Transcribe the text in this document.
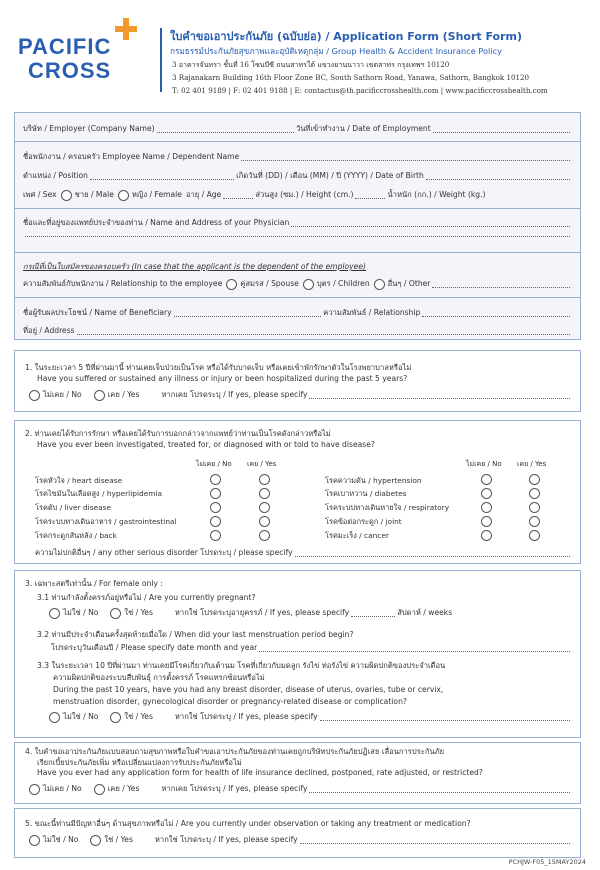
PACIFIC
CROSS
ใบคำขอเอาประกันภัย (ฉบับย่อ) / Application Form (Short Form)
กรมธรรม์ประกันภัยสุขภาพและอุบัติเหตุกลุ่ม / Group Health & Accident Insurance Policy
3 อาคารจันทรา ชั้นที่ 16 โซนบีซี ถนนสาทรใต้ แขวงยานนาวา เขตสาทร กรุงเทพฯ 10120
3 Rajanakarn Building 16th Floor Zone BC, South Sathorn Road, Yanawa, Sathorn, Bangkok 10120
T: 02 401 9189 | F: 02 401 9188 | E: contactus@th.pacificcrosshealth.com | www.pacificcrosshealth.com
บริษัท / Employer (Company Name)	วันที่เข้าทำงาน / Date of Employment
ชื่อพนักงาน / ครอบครัว Employee Name / Dependent Name
ตำแหน่ง / Position	เกิดวันที่ (DD) / เดือน (MM) / ปี (YYYY) / Date of Birth
เพศ / Sex ชาย / Male หญิง / Female อายุ / Age	ส่วนสูง (ซม.) / Height (cm.)	น้ำหนัก (กก.) / Weight (kg.)
ชื่อและที่อยู่ของแพทย์ประจำของท่าน / Name and Address of your Physician
กรณีที่เป็นใบสมัครของครอบครัว (In case that the applicant is the dependent of the employee)
ความสัมพันธ์กับพนักงาน / Relationship to the employee คู่สมรส / Spouse บุตร / Children อื่นๆ / Other
ชื่อผู้รับผลประโยชน์ / Name of Beneficiary	ความสัมพันธ์ / Relationship
ที่อยู่ / Address
1. ในระยะเวลา 5 ปีที่ผ่านมานี้ ท่านเคยเจ็บป่วยเป็นโรค หรือได้รับบาดเจ็บ หรือเคยเข้าพักรักษาตัวในโรงพยาบาลหรือไม่
Have you suffered or sustained any illness or injury or been hospitalized during the past 5 years?
ไม่เคย / No	เคย / Yes	หากเคย โปรดระบุ / If yes, please specify
2. ท่านเคยได้รับการรักษา หรือเคยได้รับการบอกกล่าวจากแพทย์ว่าท่านเป็นโรคดังกล่าวหรือไม่
Have you ever been investigated, treated for, or diagnosed with or told to have disease?
ไม่เคย / No เคย / Yes	ไม่เคย / No เคย / Yes
โรคหัวใจ / heart disease
โรคไขมันในเลือดสูง / hyperlipidemia
โรคตับ / liver disease
โรคระบบทางเดินอาหาร / gastrointestinal
โรคกระดูกสันหลัง / back
โรคความดัน / hypertension
โรคเบาหวาน / diabetes
โรคระบบทางเดินหายใจ / respiratory
โรคข้อต่อกระดูก / joint
โรคมะเร็ง / cancer
ความไม่ปกติอื่นๆ / any other serious disorder โปรดระบุ / please specify
3. เฉพาะสตรีเท่านั้น / For female only :
3.1 ท่านกำลังตั้งครรภ์อยู่หรือไม่ / Are you currently pregnant?
ไม่ใช่ / No	ใช่ / Yes	หากใช่ โปรดระบุอายุครรภ์ / If yes, please specify	สัปดาห์ / weeks
3.2 ท่านมีประจำเดือนครั้งสุดท้ายเมื่อใด / When did your last menstruation period begin?
โปรดระบุวันเดือนปี / Please specify date month and year
3.3 ในระยะเวลา 10 ปีที่ผ่านมา ท่านเคยมีโรคเกี่ยวกับเต้านม โรคที่เกี่ยวกับมดลูก รังไข่ ท่อรังไข่ ความผิดปกติของประจำเดือน
ความผิดปกติของระบบสืบพันธุ์ การตั้งครรภ์ โรคแทรกซ้อนหรือไม่
During the past 10 years, have you had any breast disorder, disease of uterus, ovaries, tube or cervix,
menstruation disorder, gynecological disorder or pregnancy-related disease or complication?
ไม่ใช่ / No	ใช่ / Yes	หากใช่ โปรดระบุ / If yes, please specify
4. ใบคำขอเอาประกันภัยแบบสอบถามสุขภาพหรือใบคำขอเอาประกันภัยของท่านเคยถูกบริษัทประกันภัยปฏิเสธ เลื่อนการประกันภัย
เรียกเบี้ยประกันภัยเพิ่ม หรือเปลี่ยนแปลงการรับประกันภัยหรือไม่
Have you ever had any application form for health of life insurance declined, postponed, rate adjusted, or restricted?
ไม่เคย / No	เคย / Yes	หากเคย โปรดระบุ / If yes, please specify
5. ขณะนี้ท่านมีปัญหาอื่นๆ ด้านสุขภาพหรือไม่ / Are you currently under observation or taking any treatment or medication?
ไม่ใช่ / No	ใช่ / Yes	หากใช่ โปรดระบุ / If yes, please specify
PCHJW-F05_15MAY2024
